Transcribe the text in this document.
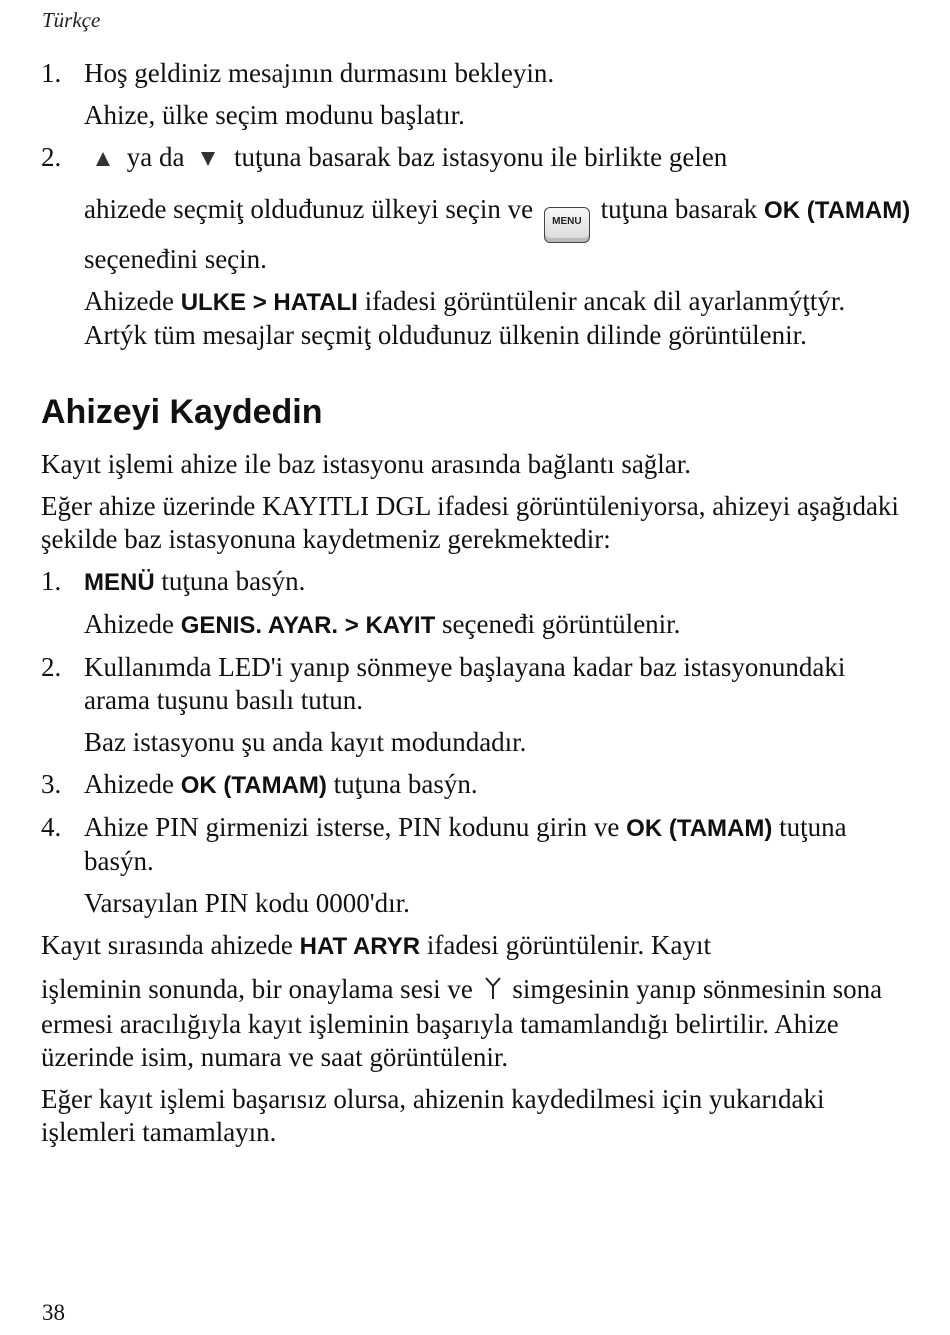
Türkçe
1. Hoş geldiniz mesajının durmasını bekleyin.
Ahize, ülke seçim modunu başlatır.
2. ya da tuţuna basarak baz istasyonu ile birlikte gelen
ahizede seçmiţ olduđunuz ülkeyi seçin ve MENU tuţuna basarak OK (TAMAM) seçeneđini seçin.
Ahizede ULKE > HATALI ifadesi görüntülenir ancak dil ayarlanmýţtýr. Artýk tüm mesajlar seçmiţ olduđunuz ülkenin dilinde görüntülenir.
Ahizeyi Kaydedin
Kayıt işlemi ahize ile baz istasyonu arasında bağlantı sağlar.
Eğer ahize üzerinde KAYITLI DGL ifadesi görüntüleniyorsa, ahizeyi aşağıdaki şekilde baz istasyonuna kaydetmeniz gerekmektedir:
1. MENÜ tuţuna basýn.
Ahizede GENIS. AYAR. > KAYIT seçeneđi görüntülenir.
2. Kullanımda LED'i yanıp sönmeye başlayana kadar baz istasyonundaki arama tuşunu basılı tutun.
Baz istasyonu şu anda kayıt modundadır.
3. Ahizede OK (TAMAM) tuţuna basýn.
4. Ahize PIN girmenizi isterse, PIN kodunu girin ve OK (TAMAM) tuţuna basýn.
Varsayılan PIN kodu 0000'dır.
Kayıt sırasında ahizede HAT ARYR ifadesi görüntülenir. Kayıt
işleminin sonunda, bir onaylama sesi ve simgesinin yanıp sönmesinin sona ermesi aracılığıyla kayıt işleminin başarıyla tamamlandığı belirtilir. Ahize üzerinde isim, numara ve saat görüntülenir.
Eğer kayıt işlemi başarısız olursa, ahizenin kaydedilmesi için yukarıdaki işlemleri tamamlayın.
38
